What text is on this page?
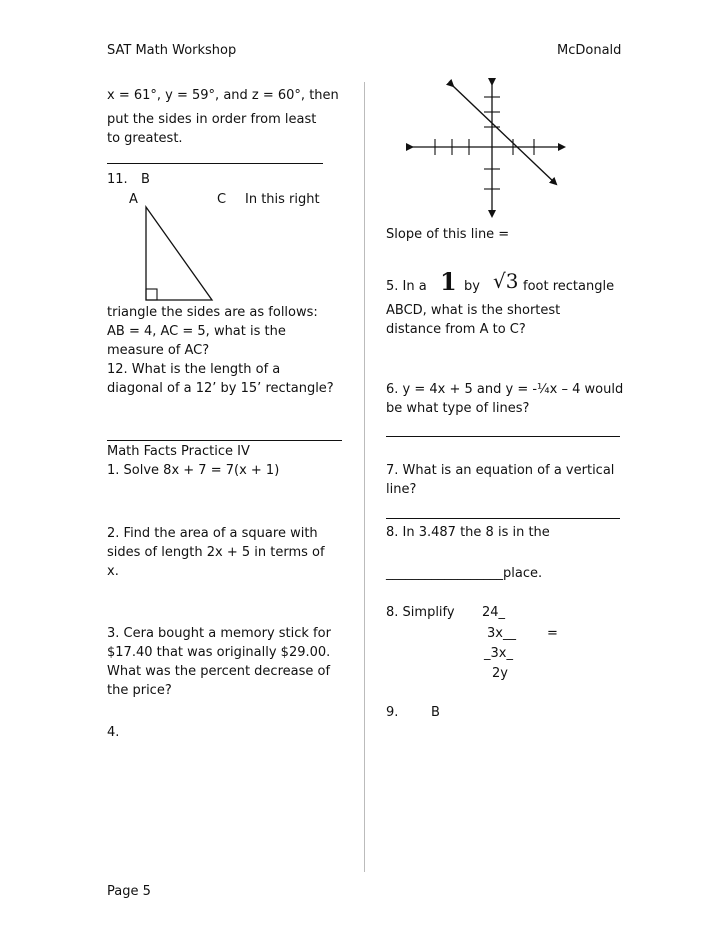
SAT Math Workshop	McDonald
x = 61°, y = 59°, and z = 60°, then
put the sides in order from least
to greatest.
11. B
A	C In this right
triangle the sides are as follows:
AB = 4, AC = 5, what is the
measure of AC?
12. What is the length of a
diagonal of a 12’ by 15’ rectangle?
Math Facts Practice IV
1. Solve 8x + 7 = 7(x + 1)
2. Find the area of a square with
sides of length 2x + 5 in terms of
x.
3. Cera bought a memory stick for
$17.40 that was originally $29.00.
What was the percent decrease of
the price?
4.
Slope of this line =
5. In a 1 by √3 foot rectangle
ABCD, what is the shortest
distance from A to C?
6. y = 4x + 5 and y = -¼x – 4 would
be what type of lines?
7. What is an equation of a vertical
line?
8. In 3.487 the 8 is in the
__________________place.
8. Simplify 24_
3x__ =
_3x_
2y
9.	B
Page 5
